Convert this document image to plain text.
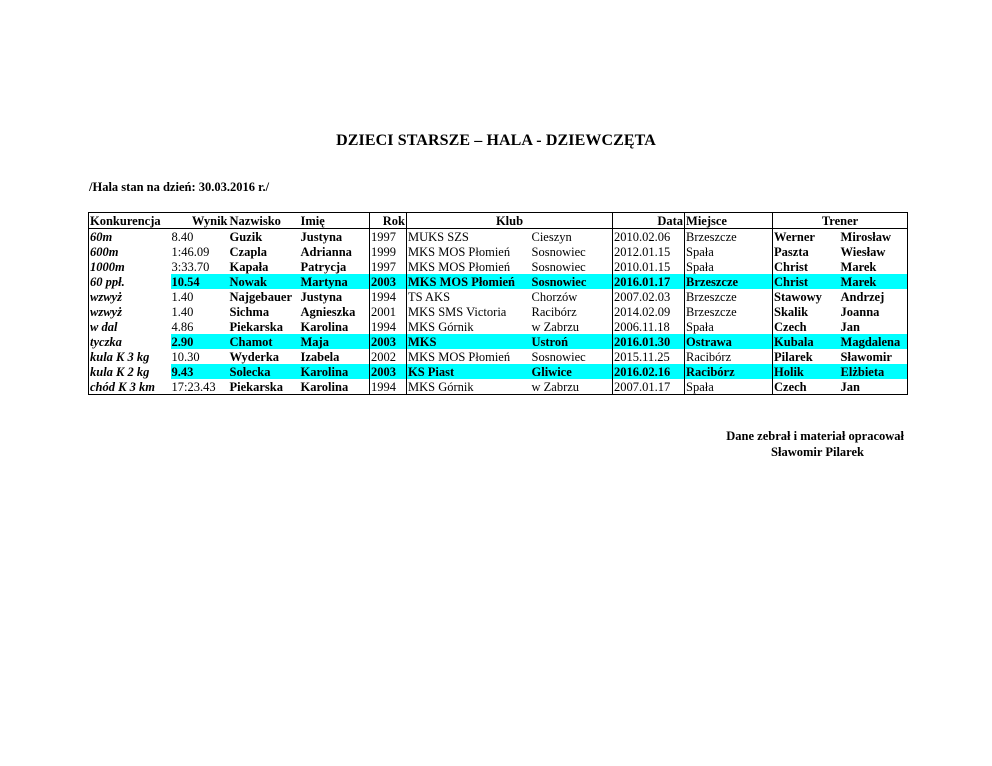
DZIECI STARSZE – HALA - DZIEWCZĘTA
/Hala stan na dzień: 30.03.2016 r./
Konkurencja	Wynik	Nazwisko	Imię	Rok	Klub		Data	Miejsce	Trener	
60m	8.40	Guzik	Justyna	1997	MUKS SZS	Cieszyn	2010.02.06	Brzeszcze	Werner	Mirosław
600m	1:46.09	Czapla	Adrianna	1999	MKS MOS Płomień	Sosnowiec	2012.01.15	Spała	Paszta	Wiesław
1000m	3:33.70	Kapała	Patrycja	1997	MKS MOS Płomień	Sosnowiec	2010.01.15	Spała	Christ	Marek
60 ppł.	10.54	Nowak	Martyna	2003	MKS MOS Płomień	Sosnowiec	2016.01.17	Brzeszcze	Christ	Marek
wzwyż	1.40	Najgebauer	Justyna	1994	TS AKS	Chorzów	2007.02.03	Brzeszcze	Stawowy	Andrzej
wzwyż	1.40	Sichma	Agnieszka	2001	MKS SMS Victoria	Racibórz	2014.02.09	Brzeszcze	Skalik	Joanna
w dal	4.86	Piekarska	Karolina	1994	MKS Górnik	w Zabrzu	2006.11.18	Spała	Czech	Jan
tyczka	2.90	Chamot	Maja	2003	MKS	Ustroń	2016.01.30	Ostrawa	Kubala	Magdalena
kula K 3 kg	10.30	Wyderka	Izabela	2002	MKS MOS Płomień	Sosnowiec	2015.11.25	Racibórz	Pilarek	Sławomir
kula K 2 kg	9.43	Solecka	Karolina	2003	KS Piast	Gliwice	2016.02.16	Racibórz	Holik	Elżbieta
chód K 3 km	17:23.43	Piekarska	Karolina	1994	MKS Górnik	w Zabrzu	2007.01.17	Spała	Czech	Jan
Dane zebrał i materiał opracował
Sławomir Pilarek
